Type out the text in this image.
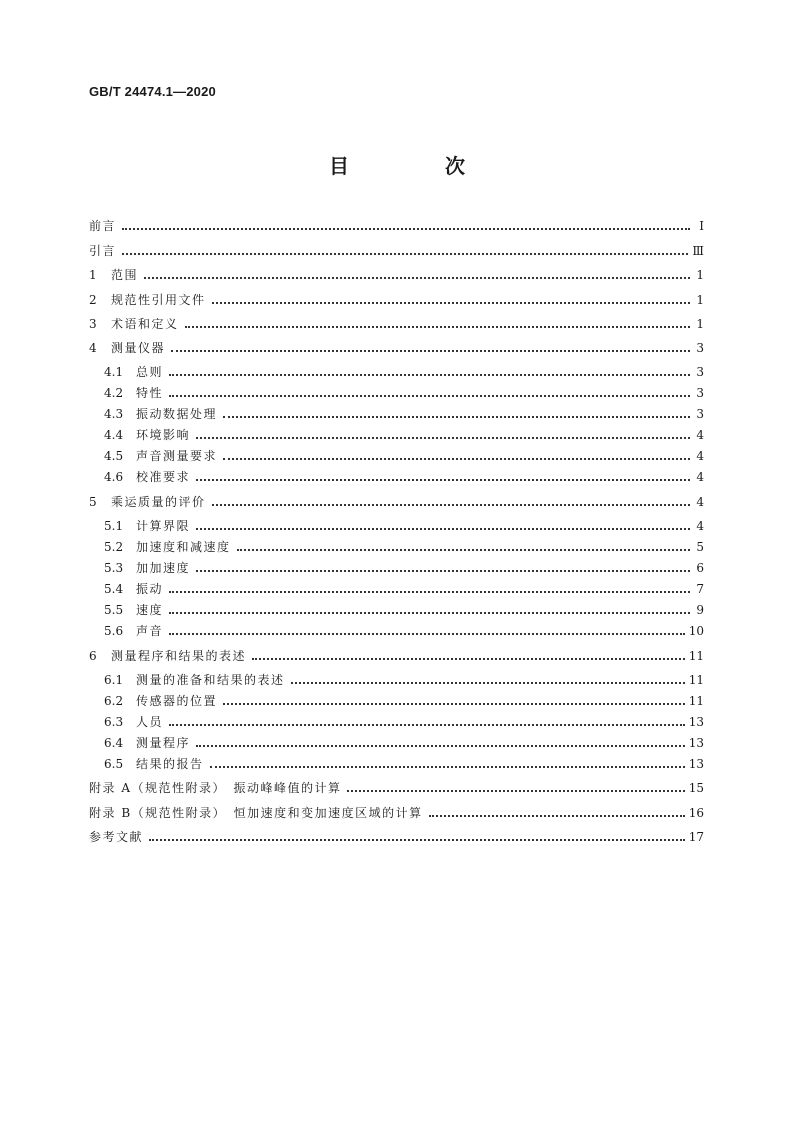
GB/T 24474.1—2020
目　次
前言	Ⅰ
引言	Ⅲ
1	范围	1
2	规范性引用文件	1
3	术语和定义	1
4	测量仪器	3
4.1	总则	3
4.2	特性	3
4.3	振动数据处理	3
4.4	环境影响	4
4.5	声音测量要求	4
4.6	校准要求	4
5	乘运质量的评价	4
5.1	计算界限	4
5.2	加速度和减速度	5
5.3	加加速度	6
5.4	振动	7
5.5	速度	9
5.6	声音	10
6	测量程序和结果的表述	11
6.1	测量的准备和结果的表述	11
6.2	传感器的位置	11
6.3	人员	13
6.4	测量程序	13
6.5	结果的报告	13
附录 A（规范性附录）　振动峰峰值的计算	15
附录 B（规范性附录）　恒加速度和变加速度区域的计算	16
参考文献	17
